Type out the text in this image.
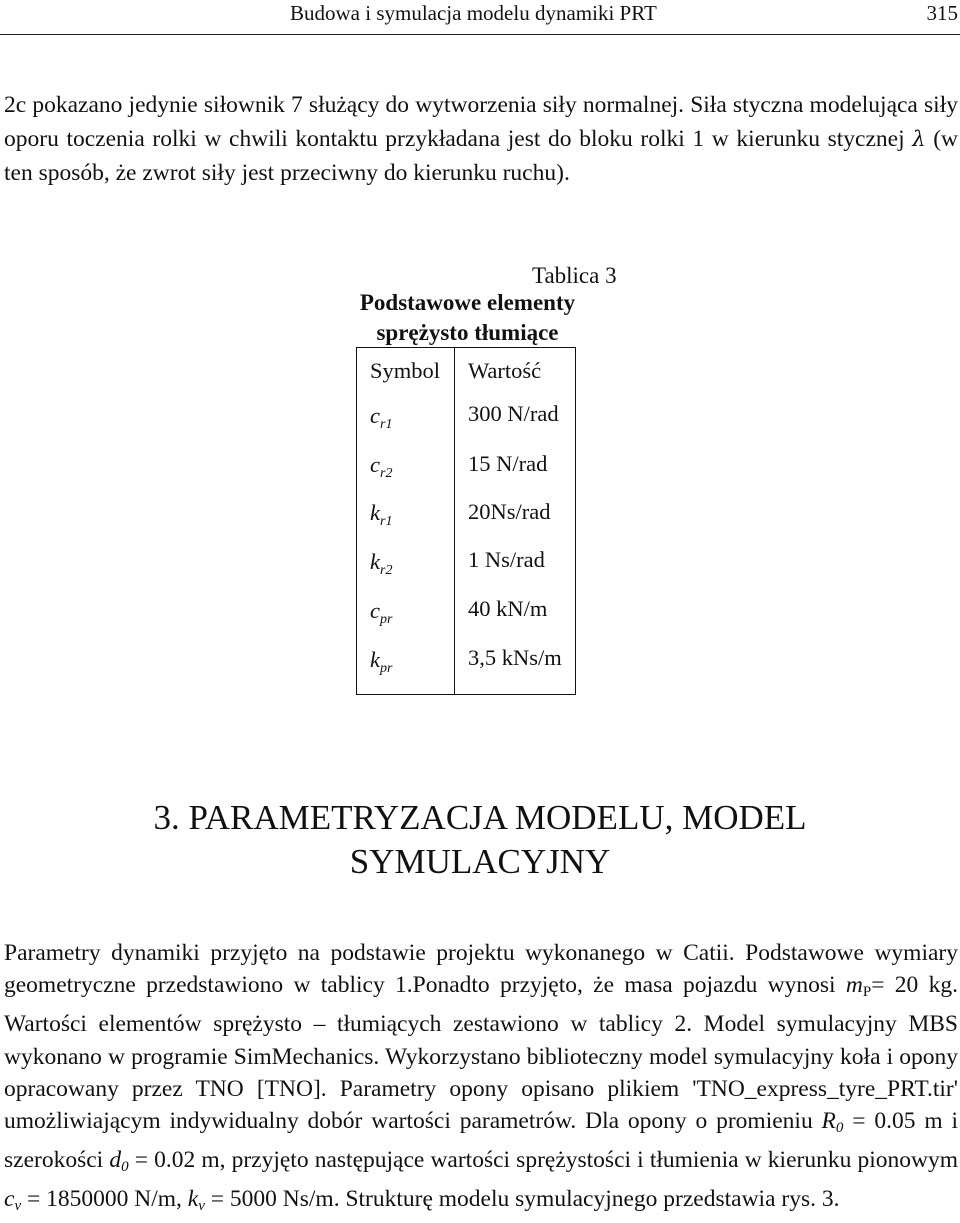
Budowa i symulacja modelu dynamiki PRT	315

2c pokazano jedynie siłownik 7 służący do wytworzenia siły normalnej. Siła styczna modelująca siły oporu toczenia rolki w chwili kontaktu przykładana jest do bloku rolki 1 w kierunku stycznej λ (w ten sposób, że zwrot siły jest przeciwny do kierunku ruchu).

Tablica 3
Podstawowe elementy sprężysto tłumiące
Symbol Wartość
$c_{r1}$	300 N/rad
$c_{r2}$	15 N/rad
$k_{r1}$	20Ns/rad
$k_{r2}$	1 Ns/rad
$c_{pr}$	40 kN/m
$k_{pr}$	3,5 kNs/m
3. PARAMETRYZACJA MODELU, MODEL
SYMULACYJNY

Parametry dynamiki przyjęto na podstawie projektu wykonanego w Catii. Podstawowe wymiary geometryczne przedstawiono w tablicy 1.Ponadto przyjęto, że masa pojazdu wynosi $m_P= 20$ kg. Wartości elementów sprężysto – tłumiących zestawiono w tablicy 2. Model symulacyjny MBS wykonano w programie SimMechanics. Wykorzystano biblioteczny model symulacyjny koła i opony opracowany przez TNO [TNO]. Parametry opony opisano plikiem 'TNO_express_tyre_PRT.tir' umożliwiającym indywidualny dobór wartości parametrów. Dla opony o promieniu R0 = 0.05 m i szerokości d0 = 0.02 m, przyjęto następujące wartości sprężystości i tłumienia w kierunku pionowym cv = 1850000 N/m, kv = 5000 Ns/m. Strukturę modelu symulacyjnego przedstawia rys. 3.
